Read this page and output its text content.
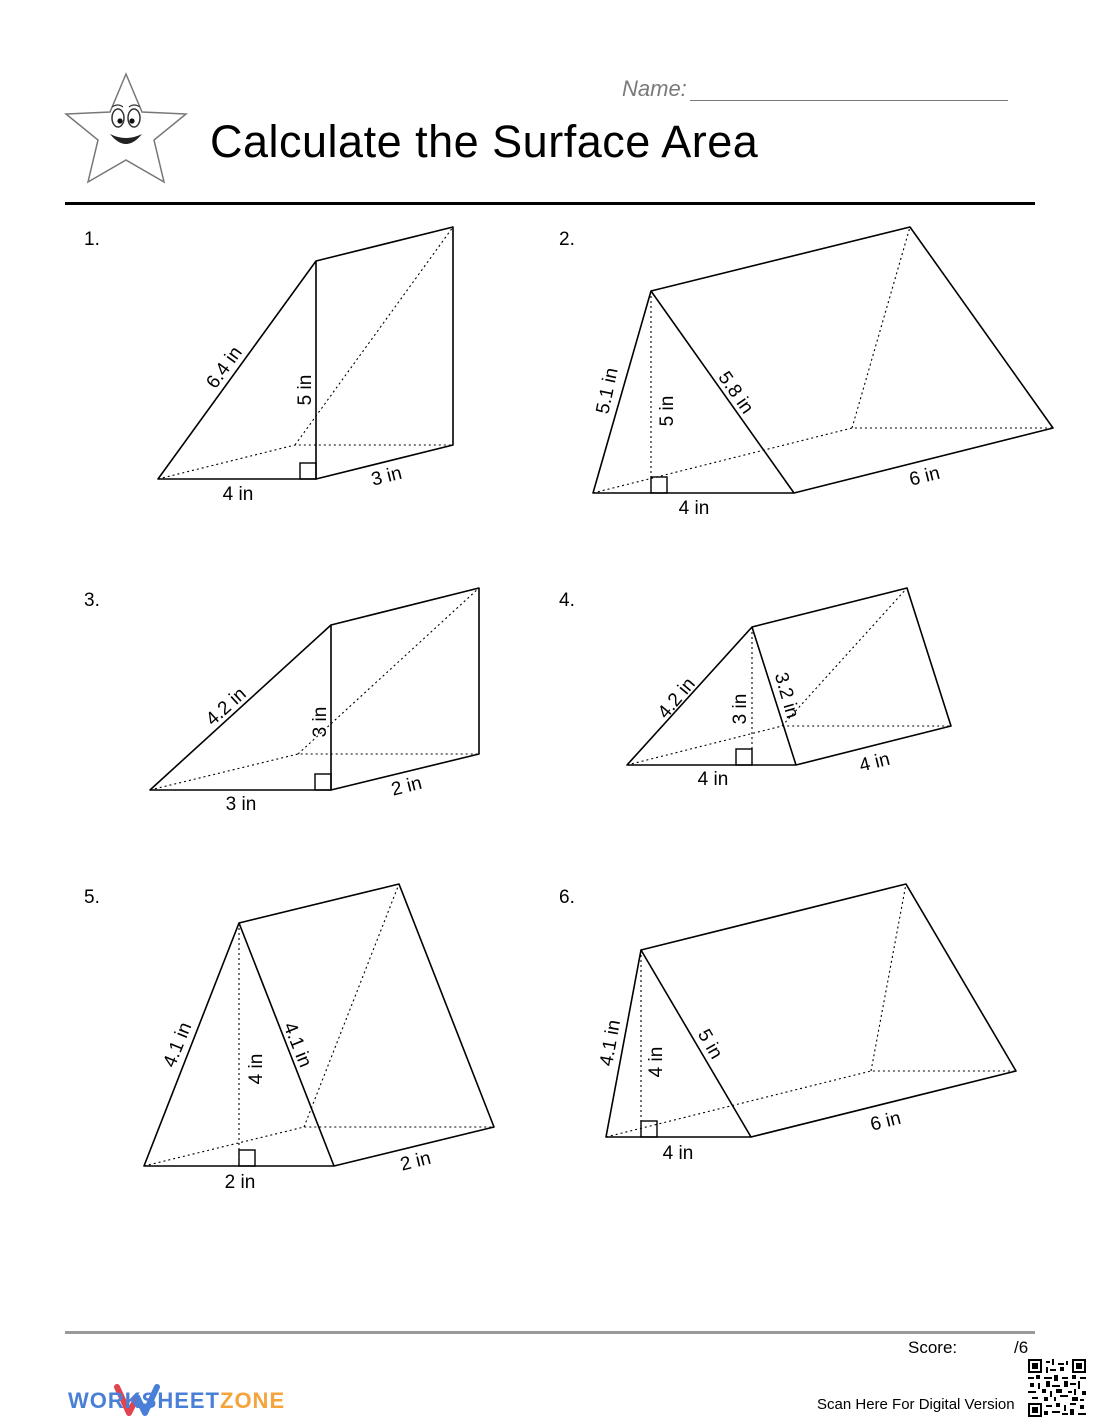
Name:
Calculate the Surface Area
1.
6.4 in	5 in
4 in
3 in
2.
5.1 in 5 in 5.8 in
4 in
6 in
3.
4.2 in	3 in
3 in
2 in
4.
4.2 in 3 in 3.2 in
4 in
4 in
5.
4.1 in	4 in 4.1 in
2 in
2 in
6.
4.1 in 4 in 5 in
4 in
6 in
Score:	/6
WORKSHEETZONE	Scan Here For Digital Version
